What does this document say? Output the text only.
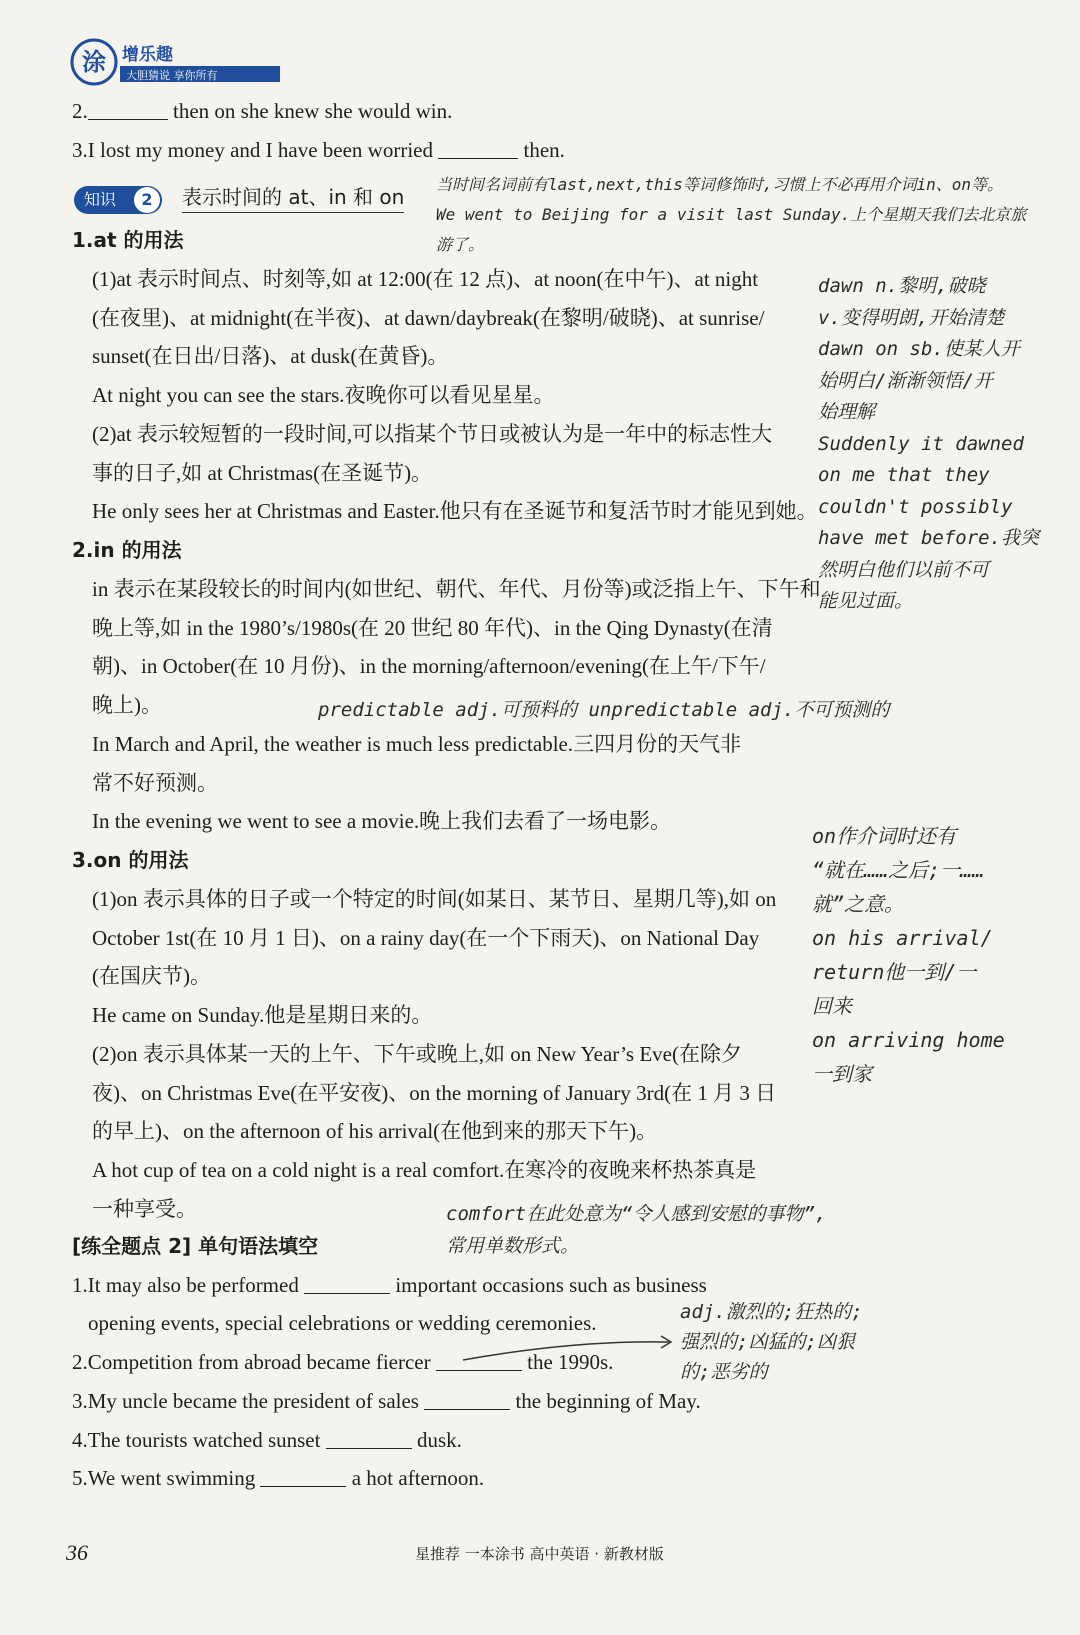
涂 增乐趣
大胆猜说 享你所有
2.	then on she knew she would win.
3.I lost my money and I have been worried	then.
知识	2	表示时间的 at、in 和 on
当时间名词前有last,next,this等词修饰时,习惯上不必再用介词in、on等。
We went to Beijing for a visit last Sunday.上个星期天我们去北京旅
游了。
1.at 的用法
(1)at 表示时间点、时刻等,如 at 12:00(在 12 点)、at noon(在中午)、at night
(在夜里)、at midnight(在半夜)、at dawn/daybreak(在黎明/破晓)、at sunrise/
sunset(在日出/日落)、at dusk(在黄昏)。
At night you can see the stars.夜晚你可以看见星星。
(2)at 表示较短暂的一段时间,可以指某个节日或被认为是一年中的标志性大
事的日子,如 at Christmas(在圣诞节)。
He only sees her at Christmas and Easter.他只有在圣诞节和复活节时才能见到她。
2.in 的用法
in 表示在某段较长的时间内(如世纪、朝代、年代、月份等)或泛指上午、下午和
晚上等,如 in the 1980’s/1980s(在 20 世纪 80 年代)、in the Qing Dynasty(在清
朝)、in October(在 10 月份)、in the morning/afternoon/evening(在上午/下午/
晚上)。
In March and April, the weather is much less predictable.三四月份的天气非
常不好预测。
In the evening we went to see a movie.晚上我们去看了一场电影。
3.on 的用法
(1)on 表示具体的日子或一个特定的时间(如某日、某节日、星期几等),如 on
October 1st(在 10 月 1 日)、on a rainy day(在一个下雨天)、on National Day
(在国庆节)。
He came on Sunday.他是星期日来的。
(2)on 表示具体某一天的上午、下午或晚上,如 on New Year’s Eve(在除夕
夜)、on Christmas Eve(在平安夜)、on the morning of January 3rd(在 1 月 3 日
的早上)、on the afternoon of his arrival(在他到来的那天下午)。
A hot cup of tea on a cold night is a real comfort.在寒冷的夜晚来杯热茶真是
一种享受。
[练全题点 2] 单句语法填空
1.It may also be performed	important occasions such as business
opening events, special celebrations or wedding ceremonies.
2.Competition from abroad became fiercer	the 1990s.
3.My uncle became the president of sales	the beginning of May.
4.The tourists watched sunset	dusk.
5.We went swimming	a hot afternoon.
dawn n.黎明,破晓
v.变得明朗,开始清楚
dawn on sb.使某人开
始明白/渐渐领悟/开
始理解
Suddenly it dawned
on me that they
couldn't possibly
have met before.我突
然明白他们以前不可
能见过面。
predictable adj.可预料的 unpredictable adj.不可预测的
on作介词时还有
“就在……之后;一……
就”之意。
on his arrival/
return他一到/一
回来
on arriving home
一到家
comfort在此处意为“令人感到安慰的事物”,
常用单数形式。
adj.激烈的;狂热的;
强烈的;凶猛的;凶狠
的;恶劣的
36	星推荐 一本涂书 高中英语 · 新教材版
